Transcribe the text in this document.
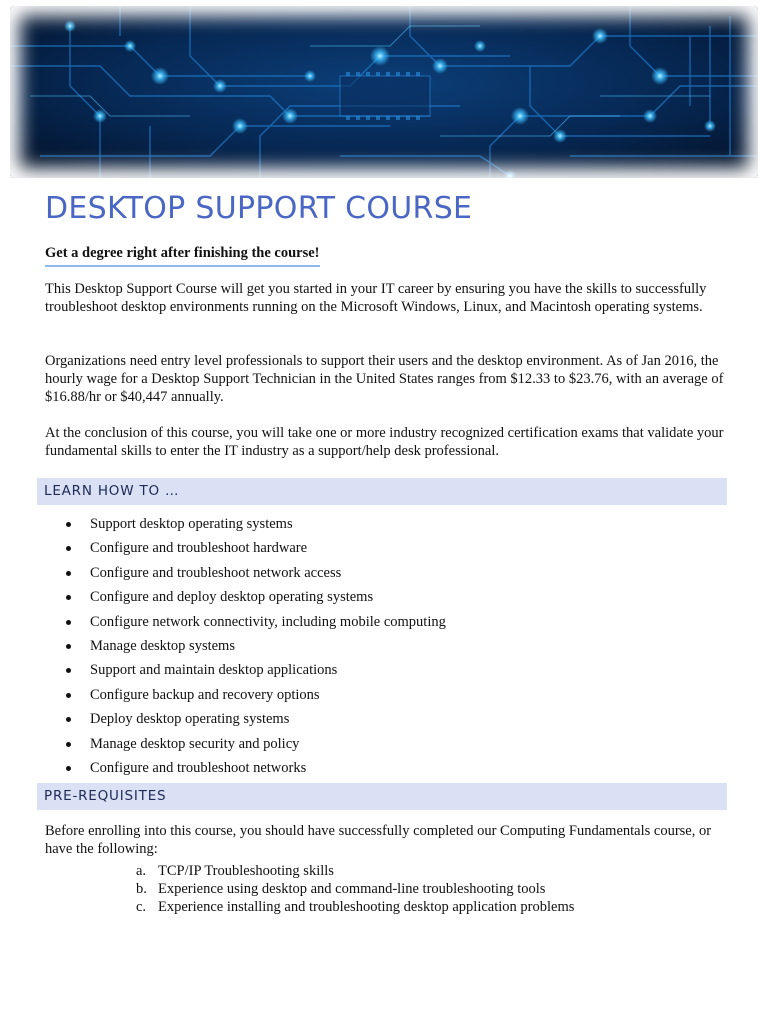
DESKTOP SUPPORT COURSE
Get a degree right after finishing the course!

This Desktop Support Course will get you started in your IT career by ensuring you have the skills to successfully troubleshoot desktop environments running on the Microsoft Windows, Linux, and Macintosh operating systems.

Organizations need entry level professionals to support their users and the desktop environment. As of Jan 2016, the hourly wage for a Desktop Support Technician in the United States ranges from $12.33 to $23.76, with an average of $16.88/hr or $40,447 annually.

At the conclusion of this course, you will take one or more industry recognized certification exams that validate your fundamental skills to enter the IT industry as a support/help desk professional.

LEARN HOW TO …
Support desktop operating systems
Configure and troubleshoot hardware
Configure and troubleshoot network access
Configure and deploy desktop operating systems
Configure network connectivity, including mobile computing
Manage desktop systems
Support and maintain desktop applications
Configure backup and recovery options
Deploy desktop operating systems
Manage desktop security and policy
Configure and troubleshoot networks
PRE-REQUISITES

Before enrolling into this course, you should have successfully completed our Computing Fundamentals course, or have the following:

a. TCP/IP Troubleshooting skills
b. Experience using desktop and command-line troubleshooting tools
c. Experience installing and troubleshooting desktop application problems
